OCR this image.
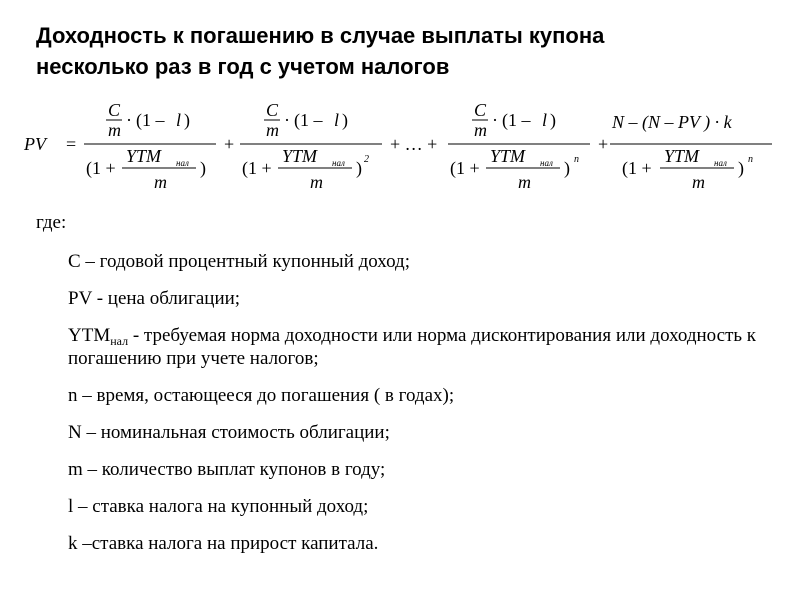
Доходность к погашению в случае выплаты купона
несколько раз в год с учетом налогов
PV =
C
m · (1 – l )
(1 +
YTM нал
m
)
+
C
m · (1 – l )
(1 +
YTM нал
m
) 2
+ … +
C
m · (1 – l )
(1 +
YTM нал
m
) n
+
N – (N – PV ) · k
(1 +
YTM нал
m
) n
где:
C – годовой процентный купонный доход;
PV - цена облигации;
$YTM_{нал}$ - требуемая норма доходности или норма дисконтирования или доходность к погашению при учете налогов;
n – время, остающееся до погашения ( в годах);
N – номинальная стоимость облигации;
m – количество выплат купонов в году;
l – ставка налога на купонный доход;
k –ставка налога на прирост капитала.
